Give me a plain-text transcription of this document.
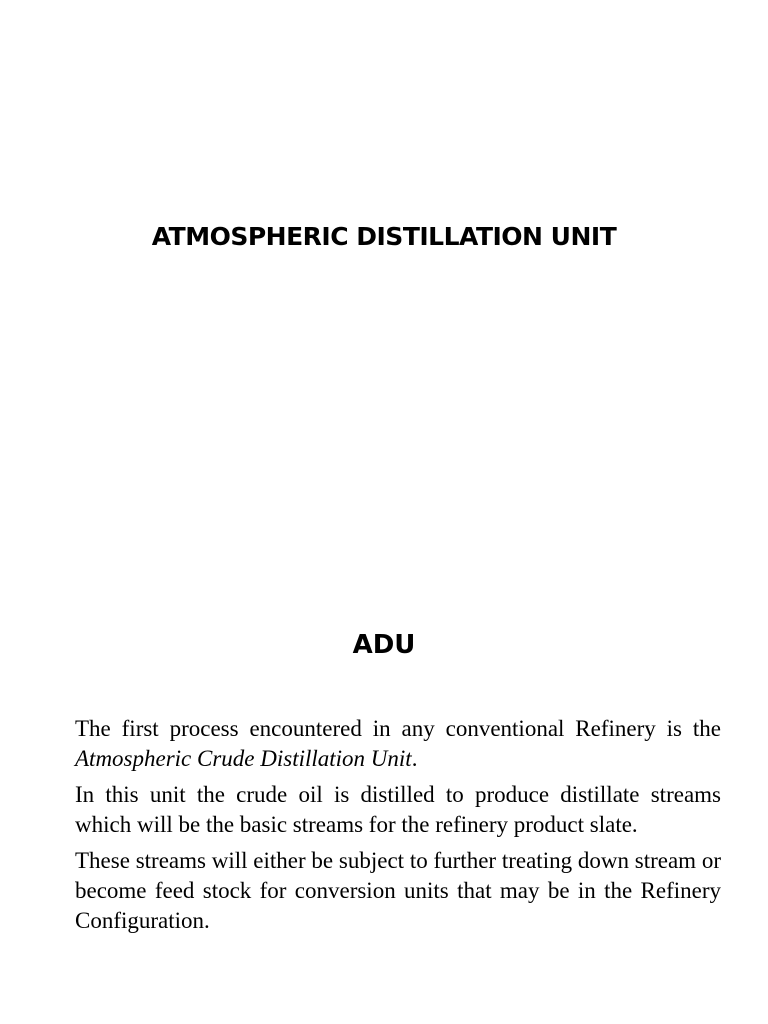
ATMOSPHERIC DISTILLATION UNIT
ADU

The first process encountered in any conventional Refinery is the Atmospheric Crude Distillation Unit.

In this unit the crude oil is distilled to produce distillate streams which will be the basic streams for the refinery product slate.

These streams will either be subject to further treating down stream or become feed stock for conversion units that may be in the Refinery Configuration.
